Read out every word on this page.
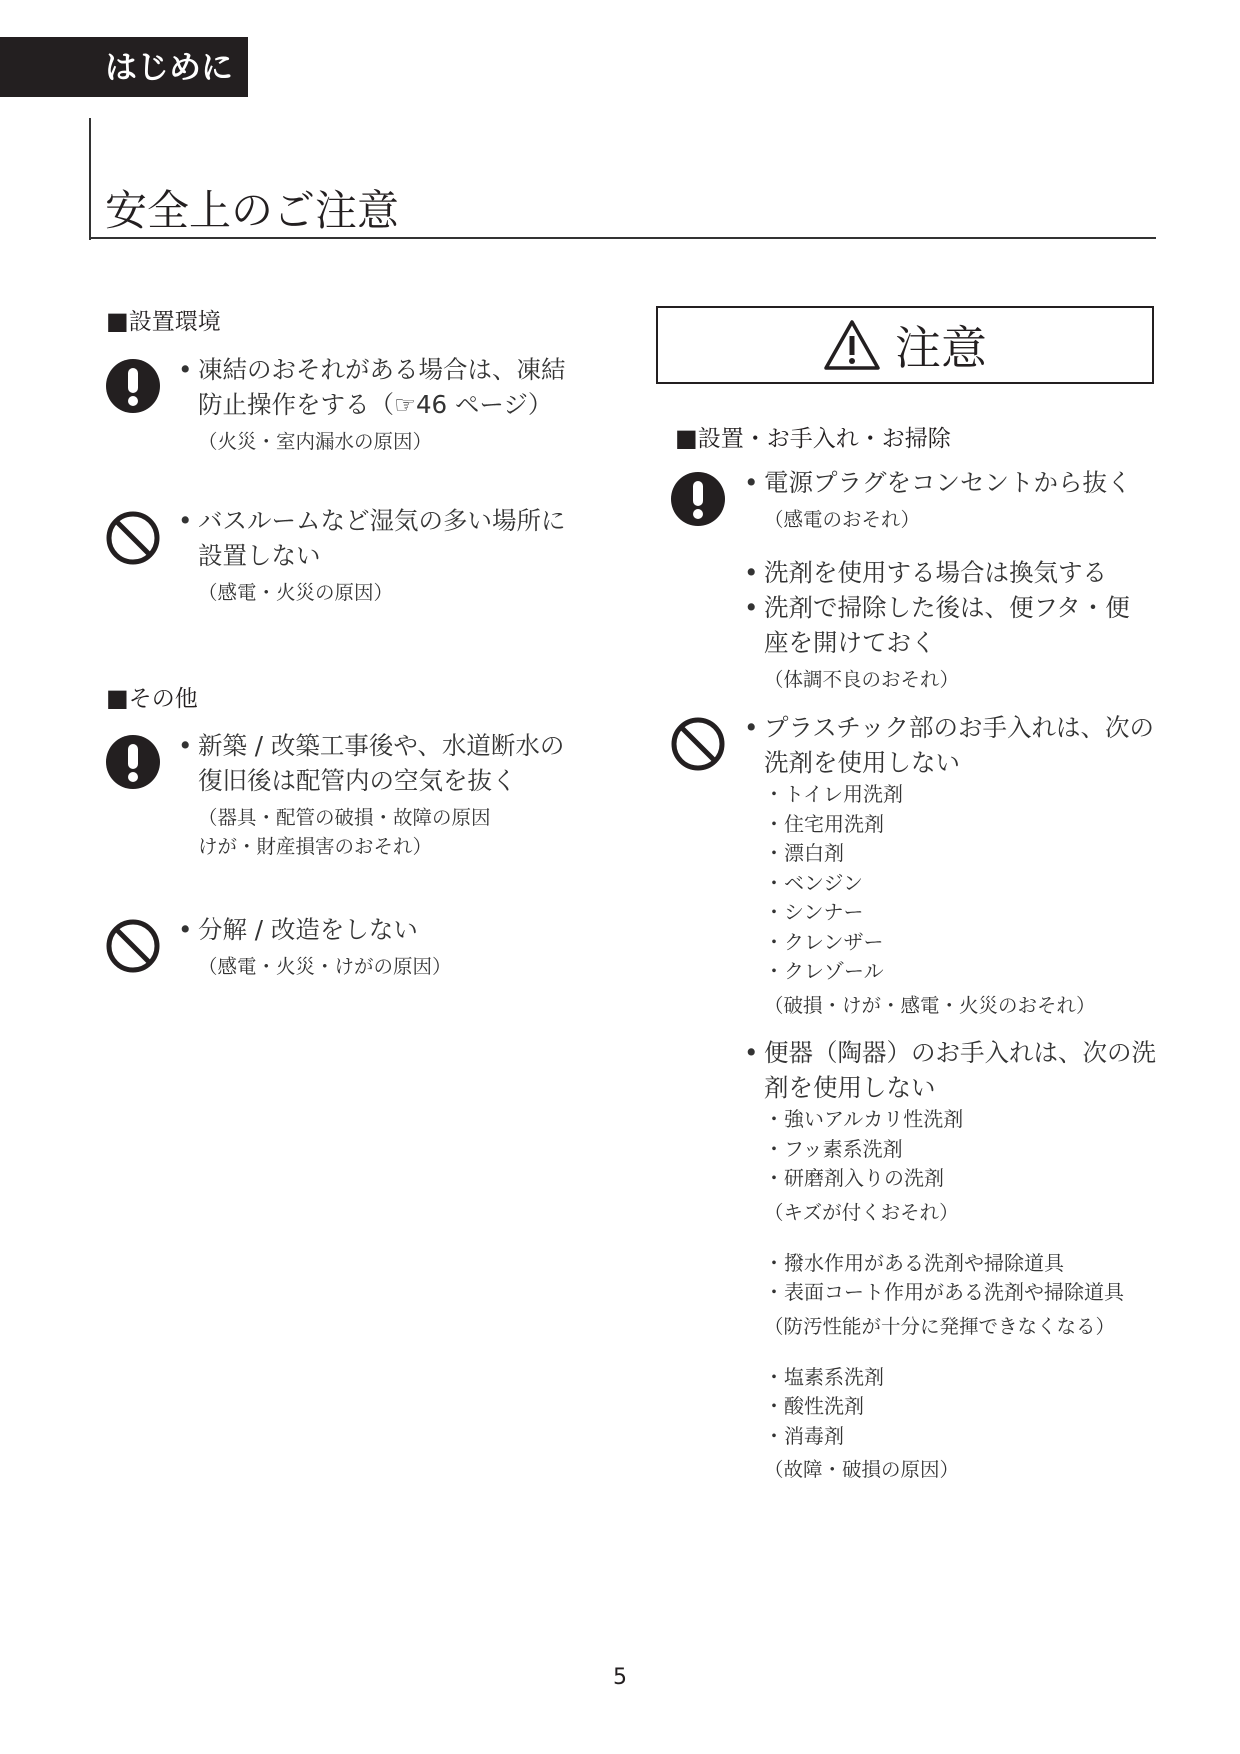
はじめに
安全上のご注意
■設置環境
• 凍結のおそれがある場合は、凍結
防止操作をする（☞46 ページ）
（火災・室内漏水の原因）
• バスルームなど湿気の多い場所に
設置しない
（感電・火災の原因）
■その他
• 新築 / 改築工事後や、水道断水の
復旧後は配管内の空気を抜く
（器具・配管の破損・故障の原因
けが・財産損害のおそれ）
• 分解 / 改造をしない
（感電・火災・けがの原因）
注意
■設置・お手入れ・お掃除
• 電源プラグをコンセントから抜く
（感電のおそれ）
• 洗剤を使用する場合は換気する
• 洗剤で掃除した後は、便フタ・便
座を開けておく
（体調不良のおそれ）
• プラスチック部のお手入れは、次の
洗剤を使用しない
・トイレ用洗剤
・住宅用洗剤
・漂白剤
・ベンジン
・シンナー
・クレンザー
・クレゾール
（破損・けが・感電・火災のおそれ）
• 便器（陶器）のお手入れは、次の洗
剤を使用しない
・強いアルカリ性洗剤
・フッ素系洗剤
・研磨剤入りの洗剤
（キズが付くおそれ）
・撥水作用がある洗剤や掃除道具
・表面コート作用がある洗剤や掃除道具
（防汚性能が十分に発揮できなくなる）
・塩素系洗剤
・酸性洗剤
・消毒剤
（故障・破損の原因）
5
